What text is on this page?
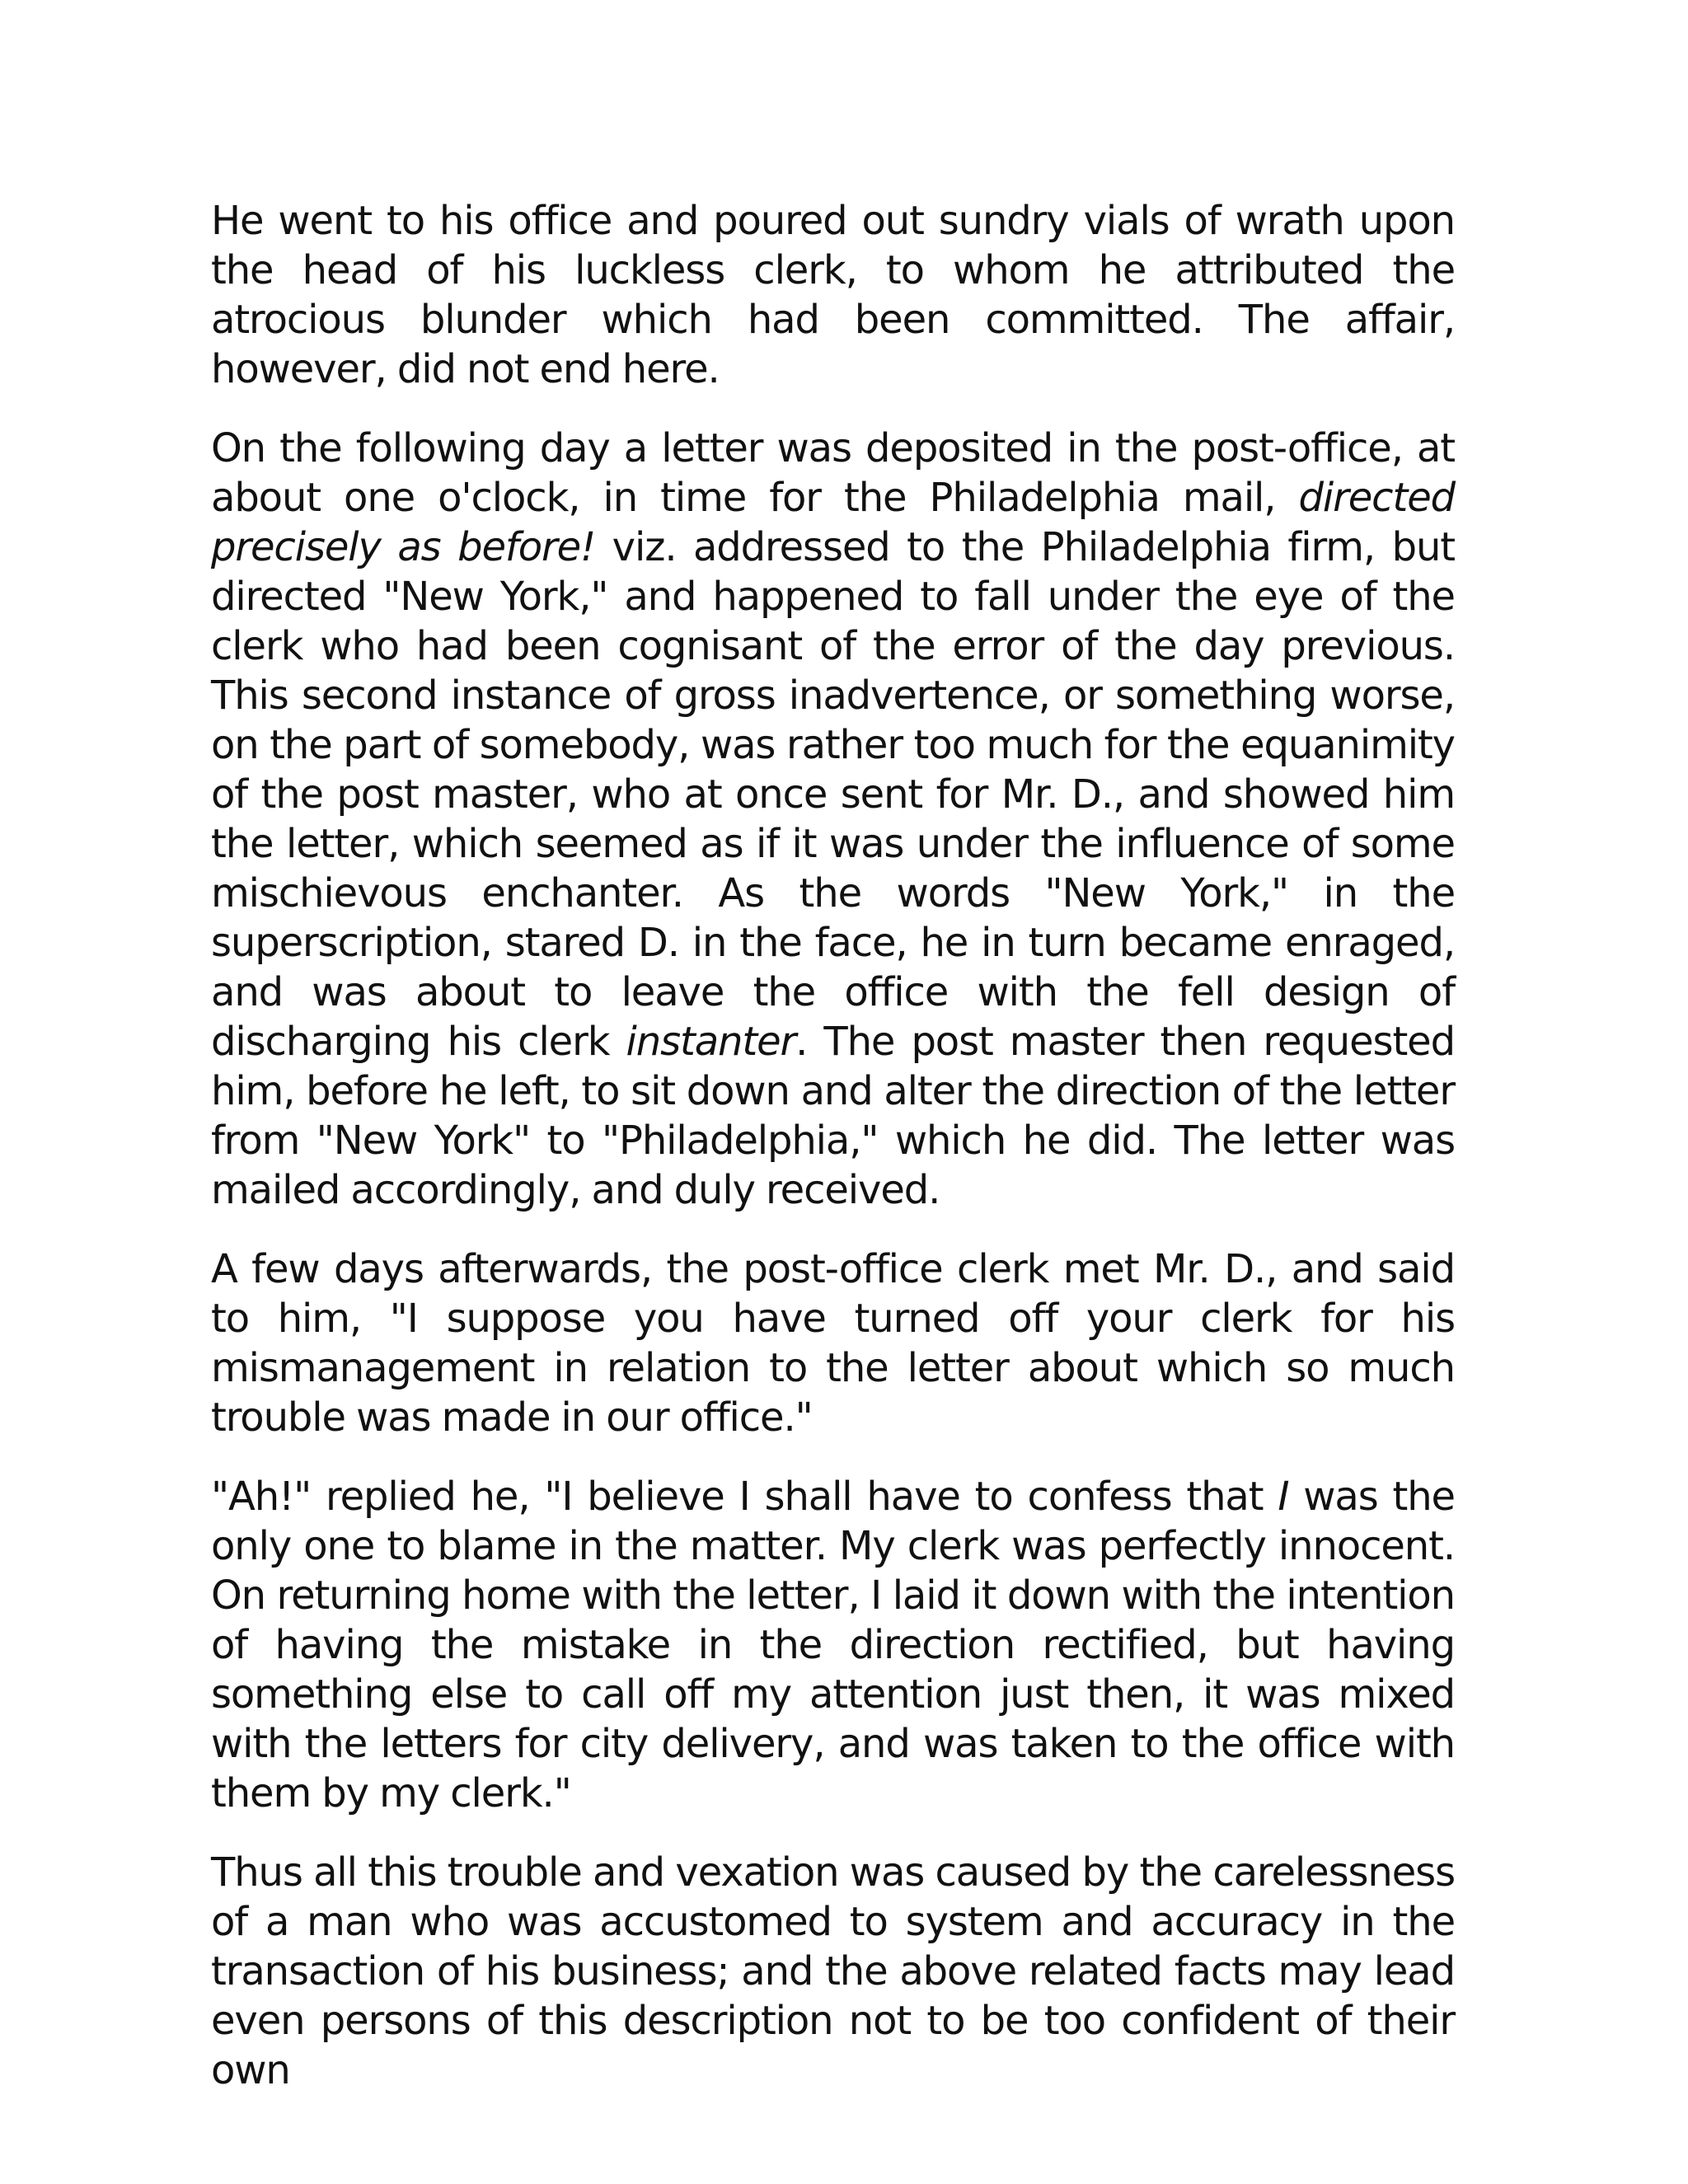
He went to his office and poured out sundry vials of wrath upon the head of his luckless clerk, to whom he attributed the atrocious blunder which had been committed. The affair, however, did not end here.

On the following day a letter was deposited in the post-office, at about one o'clock, in time for the Philadelphia mail, directed precisely as before! viz. addressed to the Philadelphia firm, but directed "New York," and happened to fall under the eye of the clerk who had been cognisant of the error of the day previous. This second instance of gross inadvertence, or something worse, on the part of somebody, was rather too much for the equanimity of the post master, who at once sent for Mr. D., and showed him the letter, which seemed as if it was under the influence of some mischievous enchanter. As the words "New York," in the superscription, stared D. in the face, he in turn became enraged, and was about to leave the office with the fell design of discharging his clerk instanter. The post master then requested him, before he left, to sit down and alter the direction of the letter from "New York" to "Philadelphia," which he did. The letter was mailed accordingly, and duly received.

A few days afterwards, the post-office clerk met Mr. D., and said to him, "I suppose you have turned off your clerk for his mismanagement in relation to the letter about which so much trouble was made in our office."

"Ah!" replied he, "I believe I shall have to confess that I was the only one to blame in the matter. My clerk was perfectly innocent. On returning home with the letter, I laid it down with the intention of having the mistake in the direction rectified, but having something else to call off my attention just then, it was mixed with the letters for city delivery, and was taken to the office with them by my clerk."

Thus all this trouble and vexation was caused by the carelessness of a man who was accustomed to system and accuracy in the transaction of his business; and the above related facts may lead even persons of this description not to be too confident of their own
